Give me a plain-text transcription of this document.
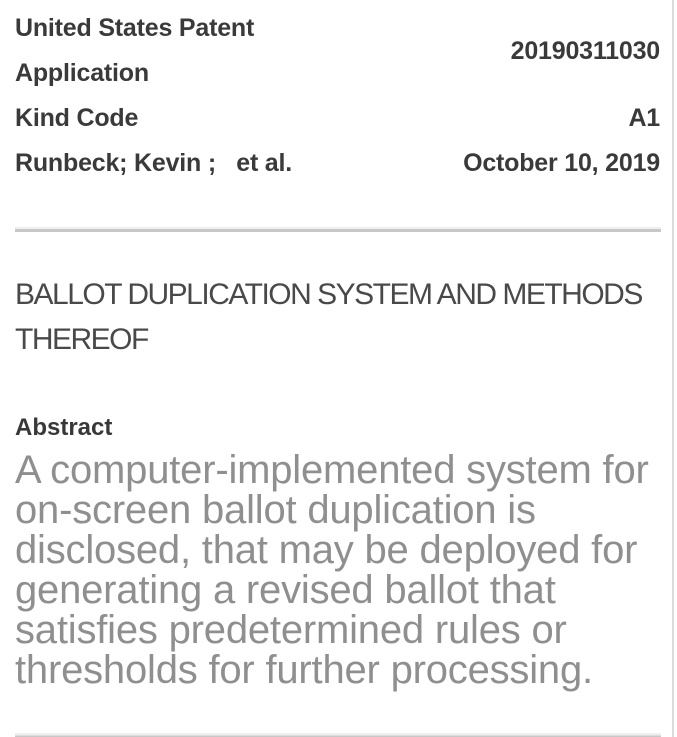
United States Patent Application
20190311030
Kind Code	A1
Runbeck; Kevin ;   et al.	October 10, 2019
BALLOT DUPLICATION SYSTEM AND METHODS THEREOF
Abstract

A computer-implemented system for on-screen ballot duplication is disclosed, that may be deployed for generating a revised ballot that satisfies predetermined rules or thresholds for further processing.
